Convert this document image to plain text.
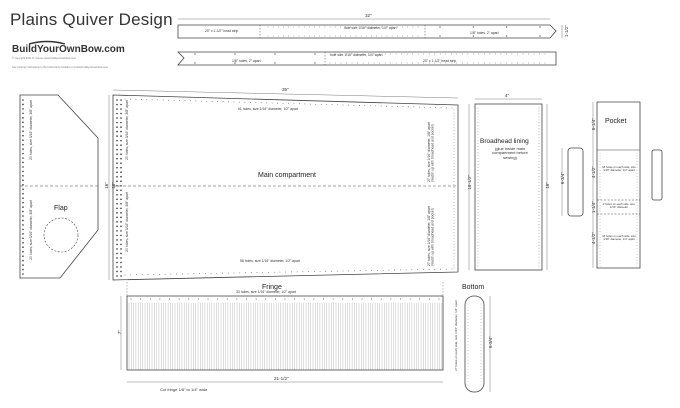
Plains Quiver Design
BuildYourOwnBow.com
© copyright 2011 D. Garner www.buildyourownbow.com
See printing instructions in the instructions booklet or at www.buildyourownbow.com
32"
1-1/2"
20" x 1-1/2" bead strip
hole size 1/16" diameter, 1/4" apart
1/8" holes, 2" apart
1/8" holes, 2" apart
hole size 1/16" diameter, 1/4" apart
20" x 1-1/2" bead strip
Flap
20 holes, size 3/16" diameter, 3/8" apart
20 holes, size 3/16" diameter, 3/8" apart
16"
Main compartment
35"
16"
61 holes, size 1/16" diameter, 1/2" apart
58 holes, size 1/16" diameter, 1/2" apart
20 holes, size 3/16" diameter, 3/8" apart
20 holes, size 3/16" diameter, 3/8" apart
27 holes, size 1/16" diameter, 1/8" apart (match up with broadhead and pocket)
27 holes, size 1/16" diameter, 1/8" apart (match up with broadhead and pocket)
4"
Broadhead lining
(glue inside main compartment before sewing)
16-1/2"	16"
6-3/4"
Pocket
6-1/4"
4-1/2"
1-1/4"
4-1/2"
18 holes on each side, size 1/16" diameter, 1/4" apart
2 holes on each side, size 1/16" diameter
18 holes on each side, size 1/16" diameter, 1/4" apart
Fringe
33 holes, size 1/16" diameter, 1/2" apart
7"
21-1/2"
Cut fringe 1/8" to 1/4" wide
Bottom
27 holes on each side, size 1/16" diameter, 1/4" apart	6-3/4"
